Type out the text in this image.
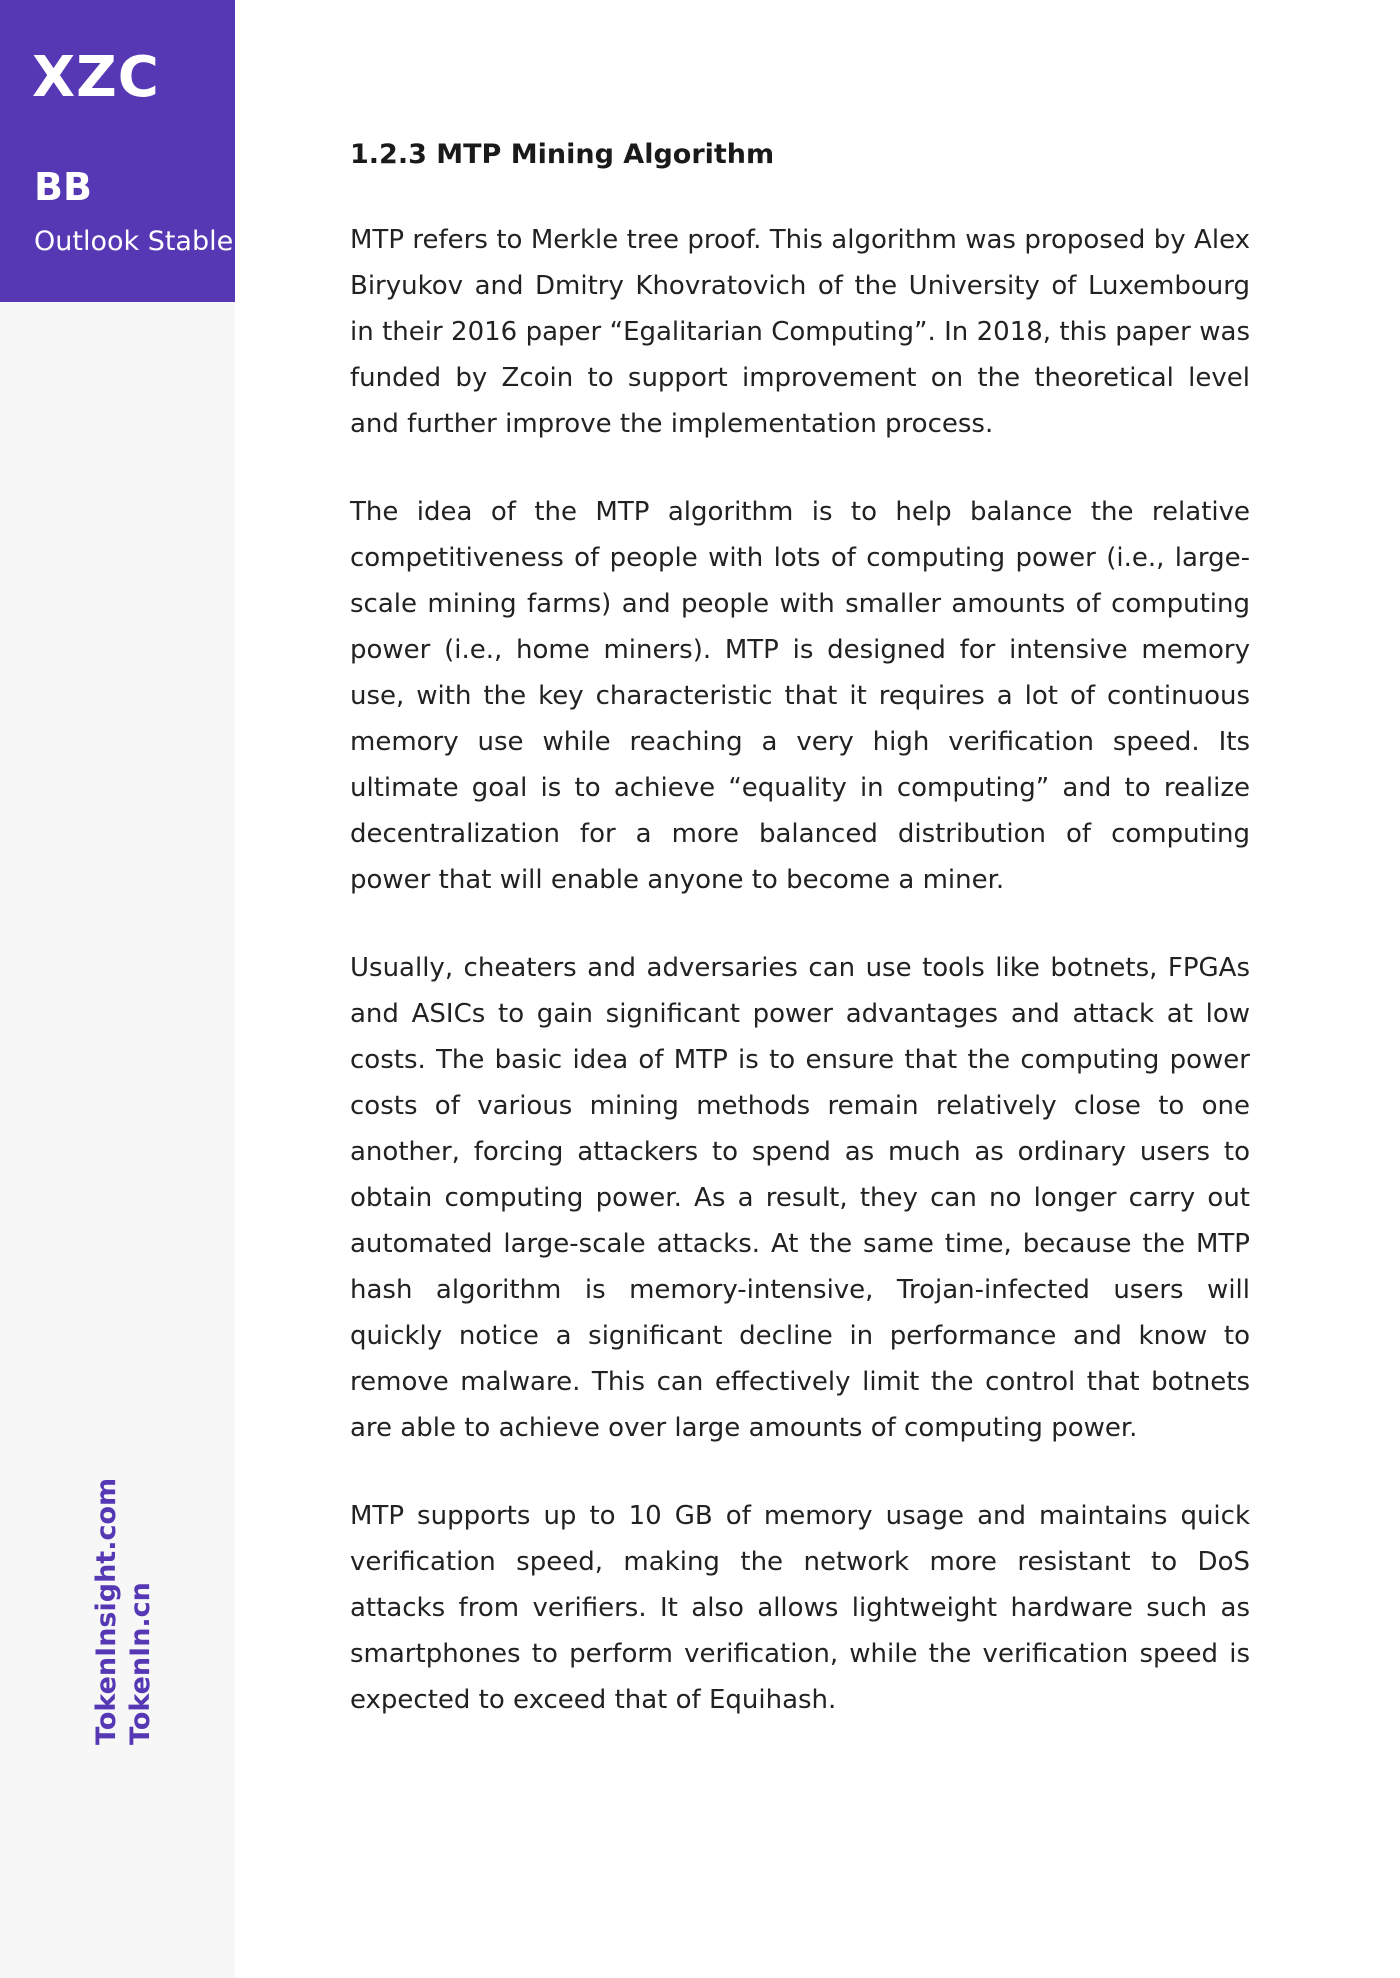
XZC
BB
Outlook Stable
TokenInsight.com TokenIn.cn
1.2.3 MTP Mining Algorithm

MTP refers to Merkle tree proof. This algorithm was proposed by Alex Biryukov and Dmitry Khovratovich of the University of Luxembourg in their 2016 paper “Egalitarian Computing”. In 2018, this paper was funded by Zcoin to support improvement on the theoretical level and further improve the implementation process.

The idea of the MTP algorithm is to help balance the relative competitiveness of people with lots of computing power (i.e., large-scale mining farms) and people with smaller amounts of computing power (i.e., home miners). MTP is designed for intensive memory use, with the key characteristic that it requires a lot of continuous memory use while reaching a very high verification speed. Its ultimate goal is to achieve “equality in computing” and to realize decentralization for a more balanced distribution of computing power that will enable anyone to become a miner.

Usually, cheaters and adversaries can use tools like botnets, FPGAs and ASICs to gain significant power advantages and attack at low costs. The basic idea of MTP is to ensure that the computing power costs of various mining methods remain relatively close to one another, forcing attackers to spend as much as ordinary users to obtain computing power. As a result, they can no longer carry out automated large-scale attacks. At the same time, because the MTP hash algorithm is memory-intensive, Trojan-infected users will quickly notice a significant decline in performance and know to remove malware. This can effectively limit the control that botnets are able to achieve over large amounts of computing power.

MTP supports up to 10 GB of memory usage and maintains quick verification speed, making the network more resistant to DoS attacks from verifiers. It also allows lightweight hardware such as smartphones to perform verification, while the verification speed is expected to exceed that of Equihash.
